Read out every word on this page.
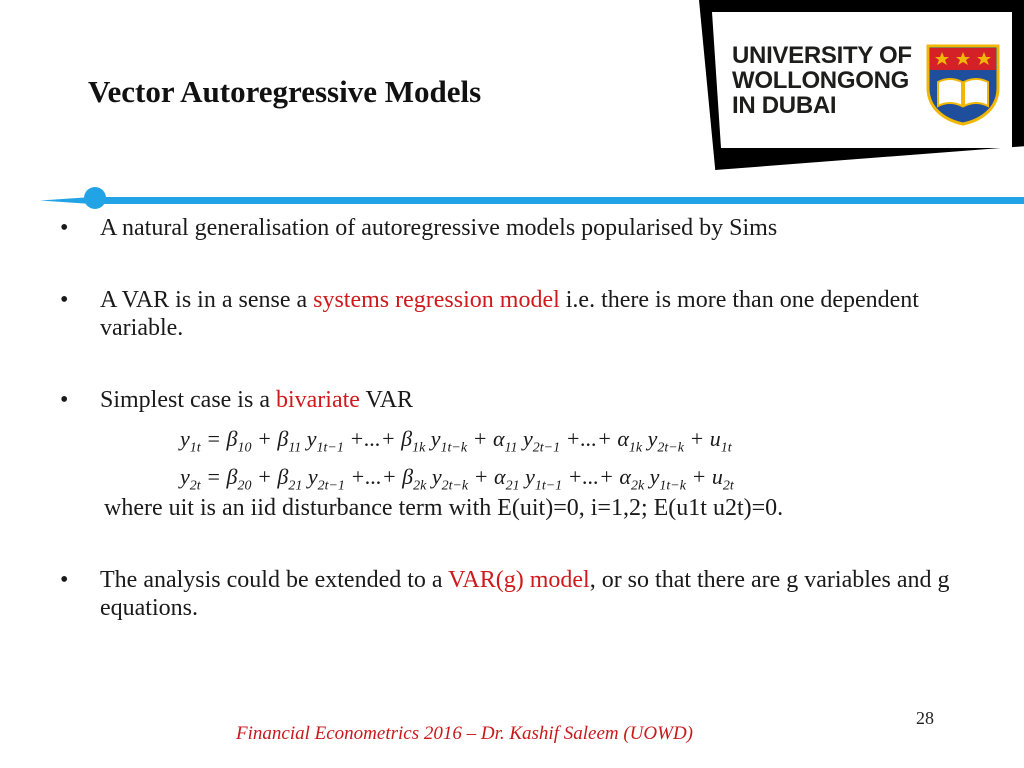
Vector Autoregressive Models
UNIVERSITY OF
WOLLONGONG
IN DUBAI
• A natural generalisation of autoregressive models popularised by Sims
• A VAR is in a sense a systems regression model i.e. there is more than one dependent variable.
• Simplest case is a bivariate VAR
$y_{1t} = \beta_{10} + \beta_{11}$ $y_{1t-1}$ +...+ $\beta_{1k}$ $y_{1t-k} + \alpha_{11}$ $y_{2t-1}$ +...+ $\alpha_{1k}$ $y_{2t-k} + u_{1t}$
$y_{2t} = \beta_{20} + \beta_{21}$ $y_{2t-1}$ +...+ $\beta_{2k}$ $y_{2t-k} + \alpha_{21}$ $y_{1t-1}$ +...+ $\alpha_{2k}$ $y_{1t-k} + u_{2t}$
where uit is an iid disturbance term with E(uit)=0, i=1,2; E(u1t u2t)=0.
• The analysis could be extended to a VAR(g) model, or so that there are g variables and g equations.
28
Financial Econometrics 2016 – Dr. Kashif Saleem (UOWD)
